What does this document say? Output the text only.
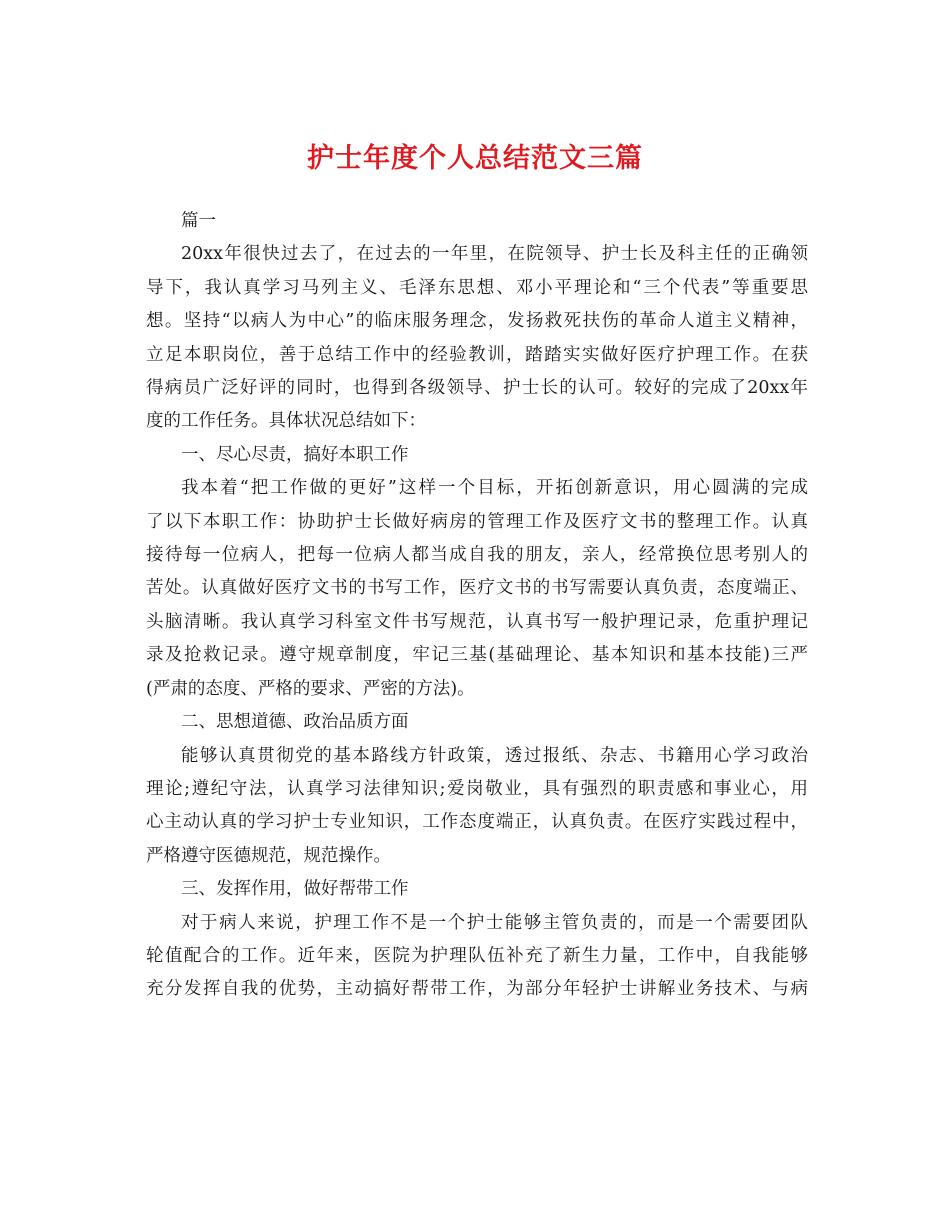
护士年度个人总结范文三篇

篇一

20xx年很快过去了，在过去的一年里，在院领导、护士长及科主任的正确领

导下，我认真学习马列主义、毛泽东思想、邓小平理论和“三个代表”等重要思

想。坚持“以病人为中心”的临床服务理念，发扬救死扶伤的革命人道主义精神，

立足本职岗位，善于总结工作中的经验教训，踏踏实实做好医疗护理工作。在获

得病员广泛好评的同时，也得到各级领导、护士长的认可。较好的完成了20xx年

度的工作任务。具体状况总结如下：

一、尽心尽责，搞好本职工作

我本着“把工作做的更好”这样一个目标，开拓创新意识，用心圆满的完成

了以下本职工作：协助护士长做好病房的管理工作及医疗文书的整理工作。认真

接待每一位病人，把每一位病人都当成自我的朋友，亲人，经常换位思考别人的

苦处。认真做好医疗文书的书写工作，医疗文书的书写需要认真负责，态度端正、

头脑清晰。我认真学习科室文件书写规范，认真书写一般护理记录，危重护理记

录及抢救记录。遵守规章制度，牢记三基(基础理论、基本知识和基本技能)三严

(严肃的态度、严格的要求、严密的方法)。

二、思想道德、政治品质方面

能够认真贯彻党的基本路线方针政策，透过报纸、杂志、书籍用心学习政治

理论;遵纪守法，认真学习法律知识;爱岗敬业，具有强烈的职责感和事业心，用

心主动认真的学习护士专业知识，工作态度端正，认真负责。在医疗实践过程中，

严格遵守医德规范，规范操作。

三、发挥作用，做好帮带工作

对于病人来说，护理工作不是一个护士能够主管负责的，而是一个需要团队

轮值配合的工作。近年来，医院为护理队伍补充了新生力量，工作中，自我能够

充分发挥自我的优势，主动搞好帮带工作，为部分年轻护士讲解业务技术、与病
